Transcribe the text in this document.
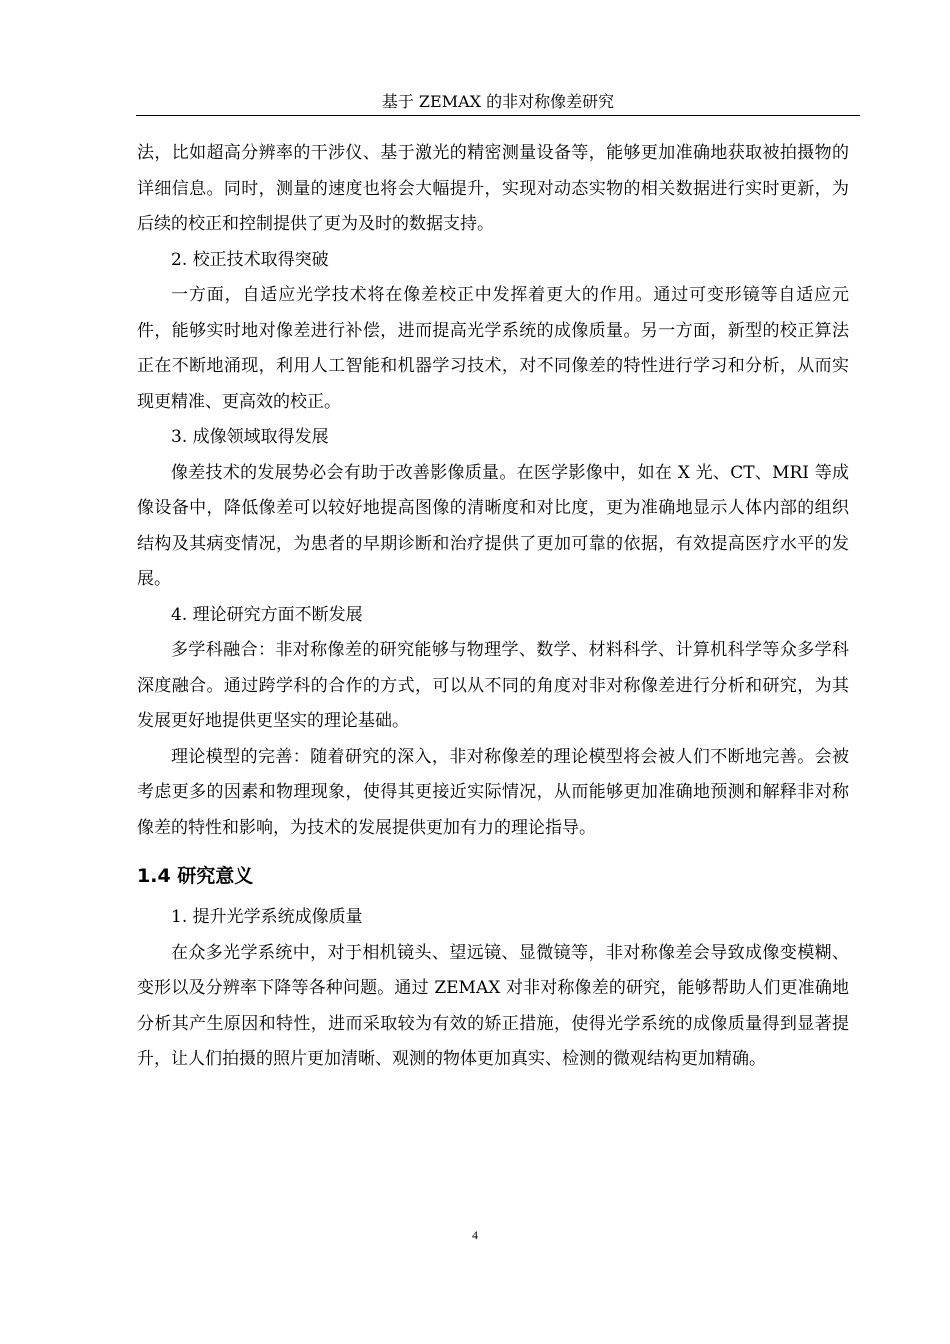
基于 ZEMAX 的非对称像差研究

法，比如超高分辨率的干涉仪、基于激光的精密测量设备等，能够更加准确地获取被拍摄物的详细信息。同时，测量的速度也将会大幅提升，实现对动态实物的相关数据进行实时更新，为后续的校正和控制提供了更为及时的数据支持。

2. 校正技术取得突破

一方面，自适应光学技术将在像差校正中发挥着更大的作用。通过可变形镜等自适应元件，能够实时地对像差进行补偿，进而提高光学系统的成像质量。另一方面，新型的校正算法正在不断地涌现，利用人工智能和机器学习技术，对不同像差的特性进行学习和分析，从而实现更精准、更高效的校正。

3. 成像领域取得发展

像差技术的发展势必会有助于改善影像质量。在医学影像中，如在 X 光、CT、MRI 等成像设备中，降低像差可以较好地提高图像的清晰度和对比度，更为准确地显示人体内部的组织结构及其病变情况，为患者的早期诊断和治疗提供了更加可靠的依据，有效提高医疗水平的发展。

4. 理论研究方面不断发展

多学科融合：非对称像差的研究能够与物理学、数学、材料科学、计算机科学等众多学科深度融合。通过跨学科的合作的方式，可以从不同的角度对非对称像差进行分析和研究，为其发展更好地提供更坚实的理论基础。

理论模型的完善：随着研究的深入，非对称像差的理论模型将会被人们不断地完善。会被考虑更多的因素和物理现象，使得其更接近实际情况，从而能够更加准确地预测和解释非对称像差的特性和影响，为技术的发展提供更加有力的理论指导。

1.4 研究意义

1. 提升光学系统成像质量

在众多光学系统中，对于相机镜头、望远镜、显微镜等，非对称像差会导致成像变模糊、变形以及分辨率下降等各种问题。通过 ZEMAX 对非对称像差的研究，能够帮助人们更准确地分析其产生原因和特性，进而采取较为有效的矫正措施，使得光学系统的成像质量得到显著提升，让人们拍摄的照片更加清晰、观测的物体更加真实、检测的微观结构更加精确。

4
